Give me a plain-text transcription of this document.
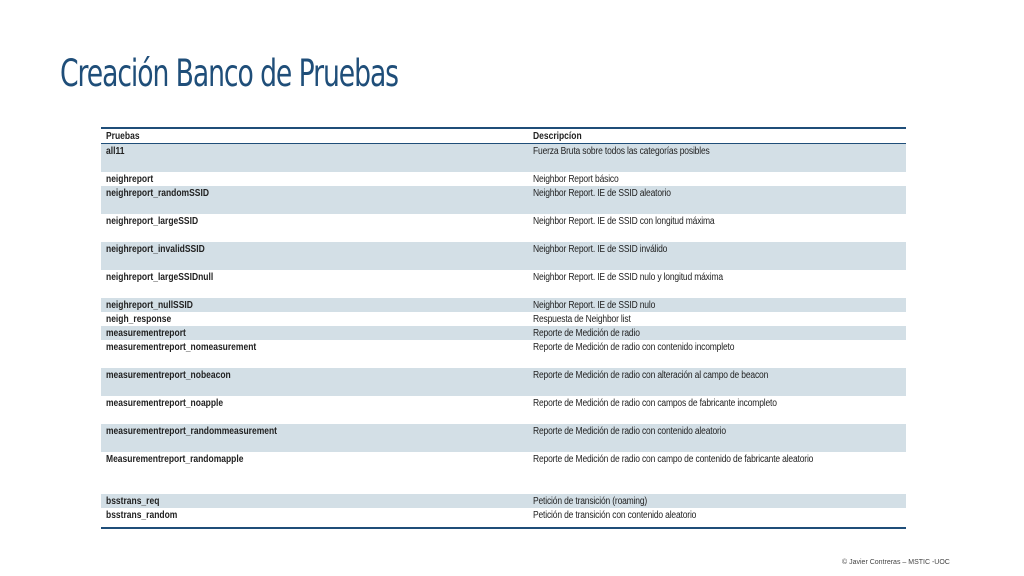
Creación Banco de Pruebas
Pruebas	Descripcíon
all11	Fuerza Bruta sobre todos las categorías posibles
neighreport	Neighbor Report básico
neighreport_randomSSID	Neighbor Report. IE de SSID aleatorio
neighreport_largeSSID	Neighbor Report. IE de SSID con longitud máxima
neighreport_invalidSSID	Neighbor Report. IE de SSID inválido
neighreport_largeSSIDnull	Neighbor Report. IE de SSID nulo y longitud máxima
neighreport_nullSSID	Neighbor Report. IE de SSID nulo
neigh_response	Respuesta de Neighbor list
measurementreport	Reporte de Medición de radio
measurementreport_nomeasurement	Reporte de Medición de radio con contenido incompleto
measurementreport_nobeacon	Reporte de Medición de radio con alteración al campo de beacon
measurementreport_noapple	Reporte de Medición de radio con campos de fabricante incompleto
measurementreport_randommeasurement	Reporte de Medición de radio con contenido aleatorio
Measurementreport_randomapple	Reporte de Medición de radio con campo de contenido de fabricante aleatorio
bsstrans_req	Petición de transición (roaming)
bsstrans_random	Petición de transición con contenido aleatorio
© Javier Contreras – MSTIC -UOC
